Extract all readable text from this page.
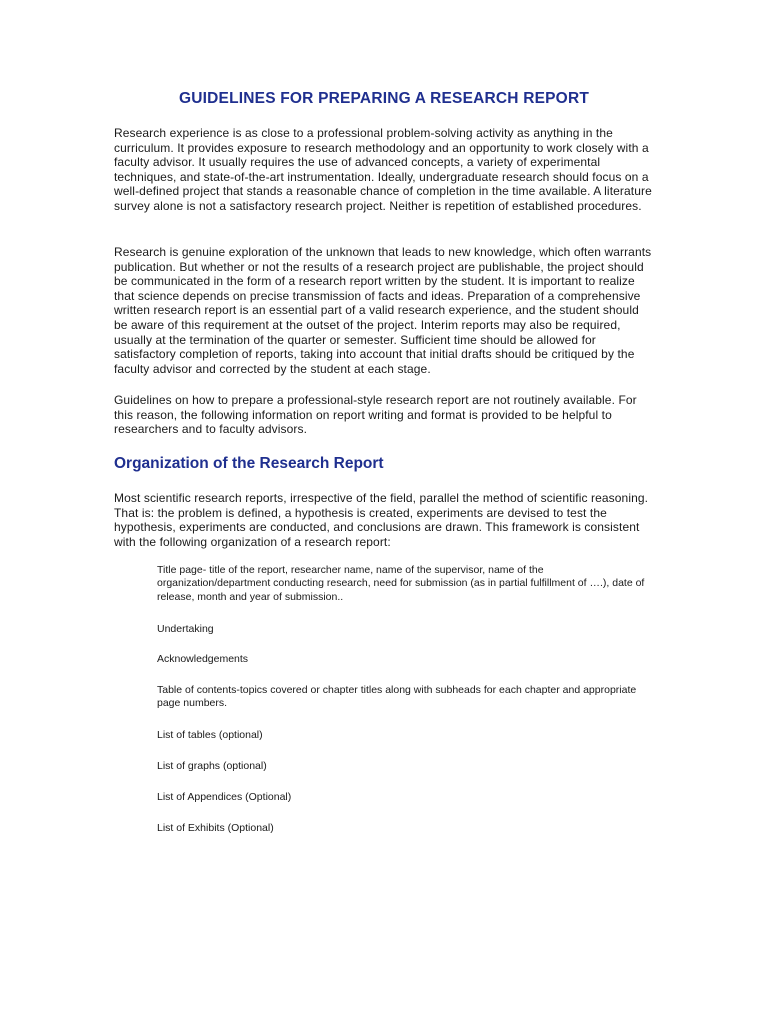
GUIDELINES FOR PREPARING A RESEARCH REPORT

Research experience is as close to a professional problem-solving activity as anything in the curriculum. It provides exposure to research methodology and an opportunity to work closely with a faculty advisor. It usually requires the use of advanced concepts, a variety of experimental techniques, and state-of-the-art instrumentation. Ideally, undergraduate research should focus on a well-defined project that stands a reasonable chance of completion in the time available. A literature survey alone is not a satisfactory research project. Neither is repetition of established procedures.

Research is genuine exploration of the unknown that leads to new knowledge, which often warrants publication. But whether or not the results of a research project are publishable, the project should be communicated in the form of a research report written by the student. It is important to realize that science depends on precise transmission of facts and ideas. Preparation of a comprehensive written research report is an essential part of a valid research experience, and the student should be aware of this requirement at the outset of the project. Interim reports may also be required, usually at the termination of the quarter or semester. Sufficient time should be allowed for satisfactory completion of reports, taking into account that initial drafts should be critiqued by the faculty advisor and corrected by the student at each stage.

Guidelines on how to prepare a professional-style research report are not routinely available. For this reason, the following information on report writing and format is provided to be helpful to researchers and to faculty advisors.

Organization of the Research Report

Most scientific research reports, irrespective of the field, parallel the method of scientific reasoning. That is: the problem is defined, a hypothesis is created, experiments are devised to test the hypothesis, experiments are conducted, and conclusions are drawn. This framework is consistent with the following organization of a research report:

Title page- title of the report, researcher name, name of the supervisor, name of the organization/department conducting research, need for submission (as in partial fulfillment of ….), date of release, month and year of submission..
Undertaking
Acknowledgements
Table of contents-topics covered or chapter titles along with subheads for each chapter and appropriate page numbers.
List of tables (optional)
List of graphs (optional)
List of Appendices (Optional)
List of Exhibits (Optional)
